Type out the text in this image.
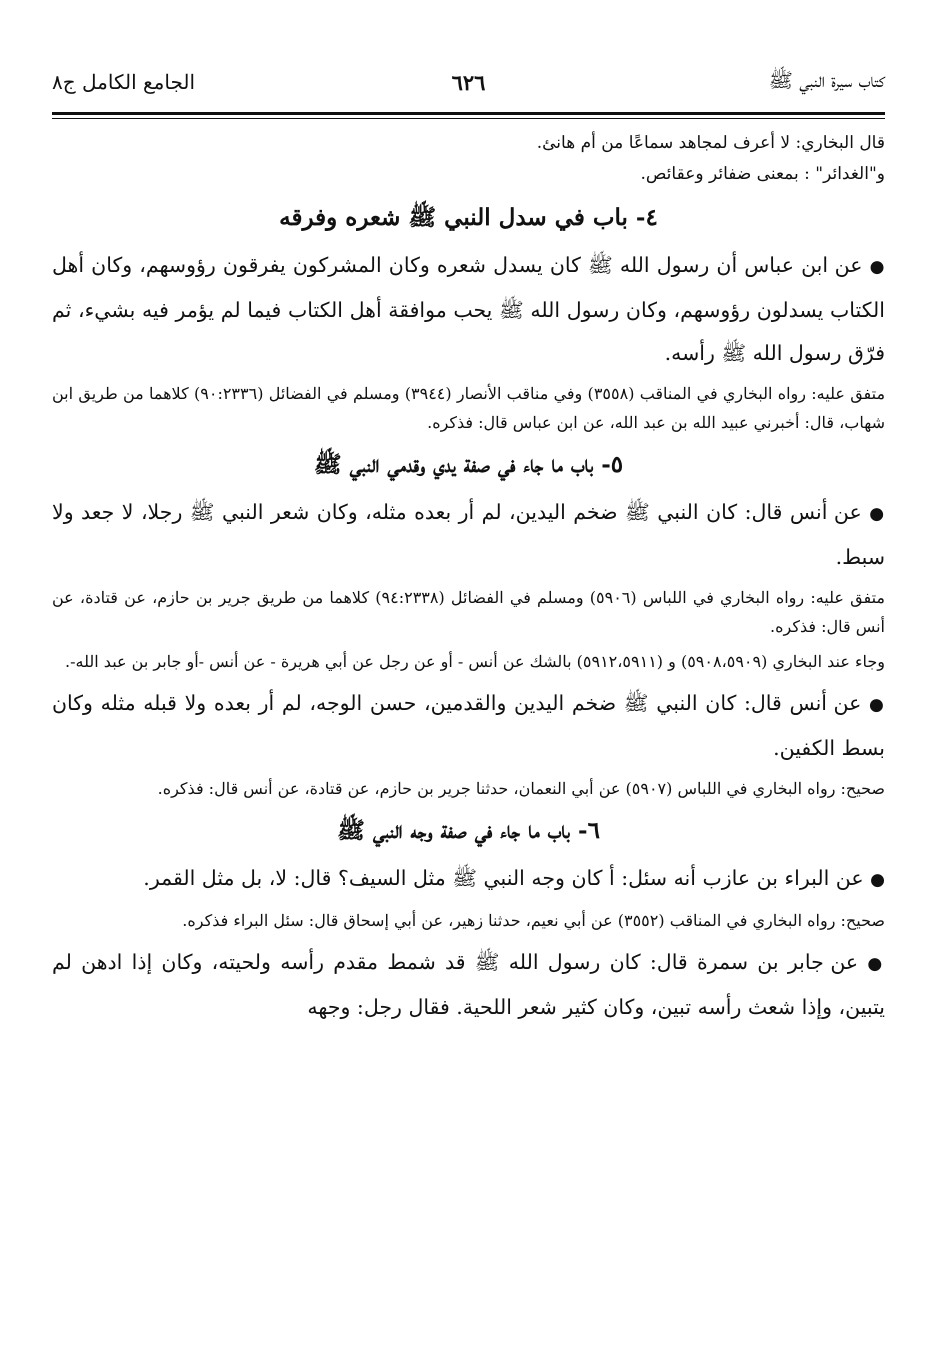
كتاب سيرة النبي ﷺ
٦٢٦
الجامع الكامل ج٨

قال البخاري: لا أعرف لمجاهد سماعًا من أم هانئ.

و"الغدائر" : بمعنى ضفائر وعقائص.

٤- باب في سدل النبي ﷺ شعره وفرقه

● عن ابن عباس أن رسول الله ﷺ كان يسدل شعره وكان المشركون يفرقون رؤوسهم، وكان أهل الكتاب يسدلون رؤوسهم، وكان رسول الله ﷺ يحب موافقة أهل الكتاب فيما لم يؤمر فيه بشيء، ثم فرّق رسول الله ﷺ رأسه.

متفق عليه: رواه البخاري في المناقب (٣٥٥٨) وفي مناقب الأنصار (٣٩٤٤) ومسلم في الفضائل (٩٠:٢٣٣٦) كلاهما من طريق ابن شهاب، قال: أخبرني عبيد الله بن عبد الله، عن ابن عباس قال: فذكره.

٥- باب ما جاء في صفة يدي وقدمي النبي ﷺ

● عن أنس قال: كان النبي ﷺ ضخم اليدين، لم أر بعده مثله، وكان شعر النبي ﷺ رجلا، لا جعد ولا سبط.

متفق عليه: رواه البخاري في اللباس (٥٩٠٦) ومسلم في الفضائل (٩٤:٢٣٣٨) كلاهما من طريق جرير بن حازم، عن قتادة، عن أنس قال: فذكره.

وجاء عند البخاري (٥٩٠٨،٥٩٠٩) و (٥٩١٢،٥٩١١) بالشك عن أنس - أو عن رجل عن أبي هريرة - عن أنس -أو جابر بن عبد الله-.

● عن أنس قال: كان النبي ﷺ ضخم اليدين والقدمين، حسن الوجه، لم أر بعده ولا قبله مثله وكان بسط الكفين.

صحيح: رواه البخاري في اللباس (٥٩٠٧) عن أبي النعمان، حدثنا جرير بن حازم، عن قتادة، عن أنس قال: فذكره.

٦- باب ما جاء في صفة وجه النبي ﷺ

● عن البراء بن عازب أنه سئل: أ كان وجه النبي ﷺ مثل السيف؟ قال: لا، بل مثل القمر.

صحيح: رواه البخاري في المناقب (٣٥٥٢) عن أبي نعيم، حدثنا زهير، عن أبي إسحاق قال: سئل البراء فذكره.

● عن جابر بن سمرة قال: كان رسول الله ﷺ قد شمط مقدم رأسه ولحيته، وكان إذا ادهن لم يتبين، وإذا شعث رأسه تبين، وكان كثير شعر اللحية. فقال رجل: وجهه
